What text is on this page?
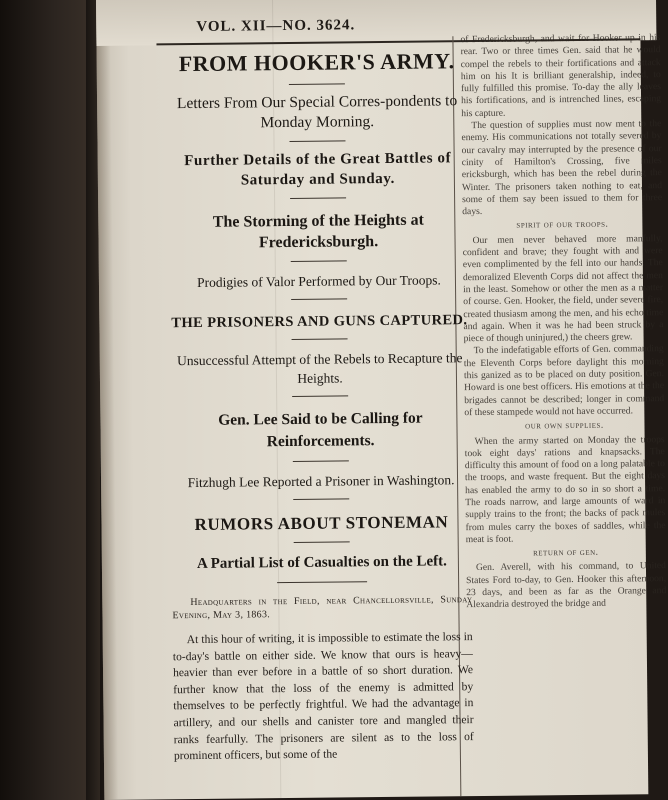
VOL. XII—NO. 3624.

FROM HOOKER'S ARMY.

Letters From Our Special Corres-pondents to Monday Morning.

Further Details of the Great Battles of Saturday and Sunday.

The Storming of the Heights at Fredericksburgh.

Prodigies of Valor Performed by Our Troops.

THE PRISONERS AND GUNS CAPTURED.

Unsuccessful Attempt of the Rebels to Recapture the Heights.

Gen. Lee Said to be Calling for Reinforcements.

Fitzhugh Lee Reported a Prisoner in Washington.

RUMORS ABOUT STONEMAN

A Partial List of Casualties on the Left.

Headquarters in the Field, near Chancellorsville, Sunday Evening, May 3, 1863.

At this hour of writing, it is impossible to estimate the loss in to-day's battle on either side. We know that ours is heavy—heavier than ever before in a battle of so short duration. We further know that the loss of the enemy is admitted by themselves to be perfectly frightful. We had the advantage in artillery, and our shells and canister tore and mangled their ranks fearfully. The prisoners are silent as to the loss of prominent officers, but some of the

of Fredericksburgh, and wait for Hooker up in his rear. Two or three times Gen. said that he would compel the rebels to their fortifications and attack him on his It is brilliant generalship, indeed, to fully fulfilled this promise. To-day the ally leaves his fortifications, and is intrenched lines, escaping his capture.

The question of supplies must now ment to the enemy. His communications not totally severed by our cavalry may interrupted by the presence of our cinity of Hamilton's Crossing, five miles ericksburgh, which has been the rebel during the Winter. The prisoners taken nothing to eat, and some of them say been issued to them for three days.

spirit of our troops.

Our men never behaved more manfully, confident and brave; they fought with and were even complimented by the fell into our hands. The demoralized Eleventh Corps did not affect the men in the least. Somehow or other the men as a matter of course. Gen. Hooker, the field, under severe fire, created thusiasm among the men, and his echo time and again. When it was he had been struck by a piece of though uninjured,) the cheers grew.

To the indefatigable efforts of Gen. commanding the Eleventh Corps before daylight this morning this ganized as to be placed on duty position. Gen. Howard is one best officers. His emotions at the the brigades cannot be described; longer in command of these stampede would not have occurred.

our own supplies.

When the army started on Monday the troops took eight days' rations and knapsacks. The difficulty this amount of food on a long palatable to the troops, and waste frequent. But the eight days has enabled the army to do so in so short a time. The roads narrow, and large amounts of ward in supply trains to the front; the backs of pack mules from mules carry the boxes of saddles, while the meat is foot.

return of gen.

Gen. Averell, with his command, to United States Ford to-day, to Gen. Hooker this afternoon, 23 days, and been as far as the Orange and Alexandria destroyed the bridge and
